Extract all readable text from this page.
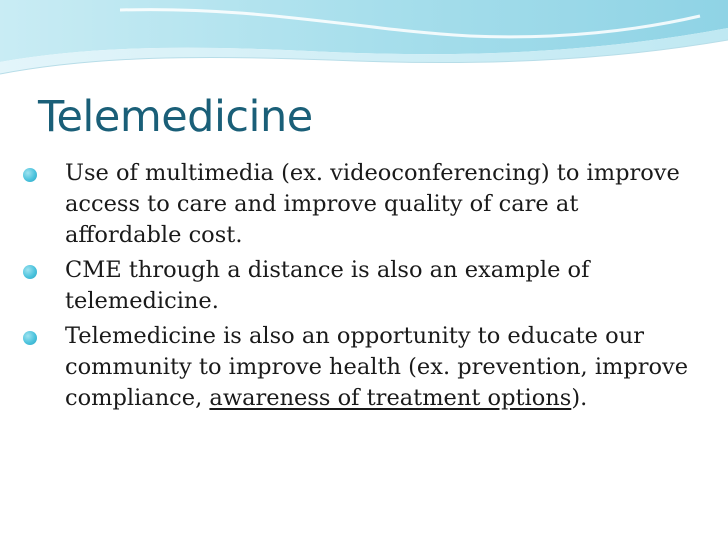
Telemedicine
Use of multimedia (ex. videoconferencing) to improve access to care and improve quality of care at affordable cost.
CME through a distance is also an example of telemedicine.
Telemedicine is also an opportunity to educate our community to improve health (ex. prevention, improve compliance, awareness of treatment options).
